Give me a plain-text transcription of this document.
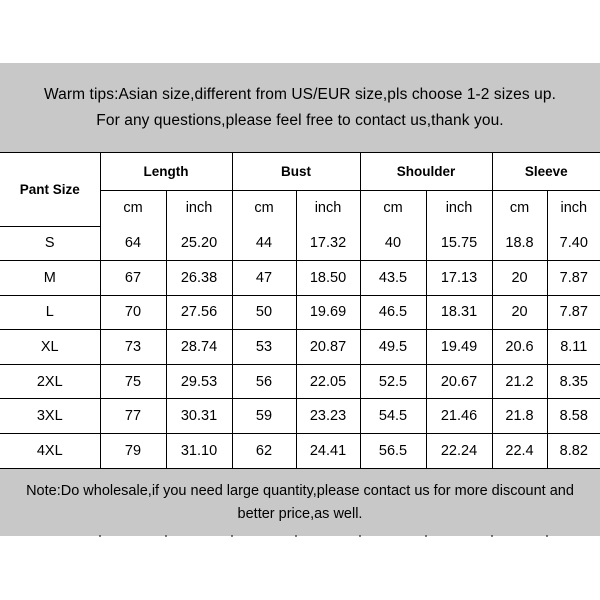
Warm tips:Asian size,different from US/EUR size,pls choose 1-2 sizes up.
For any questions,please feel free to contact us,thank you.
Pant Size	Length		Bust		Shoulder		Sleeve	
	cm	inch	cm	inch	cm	inch	cm	inch
S	64	25.20	44	17.32	40	15.75	18.8	7.40
M	67	26.38	47	18.50	43.5	17.13	20	7.87
L	70	27.56	50	19.69	46.5	18.31	20	7.87
XL	73	28.74	53	20.87	49.5	19.49	20.6	8.11
2XL	75	29.53	56	22.05	52.5	20.67	21.2	8.35
3XL	77	30.31	59	23.23	54.5	21.46	21.8	8.58
4XL	79	31.10	62	24.41	56.5	22.24	22.4	8.82
Note:Do wholesale,if you need large quantity,please contact us for more discount and
better price,as well.
